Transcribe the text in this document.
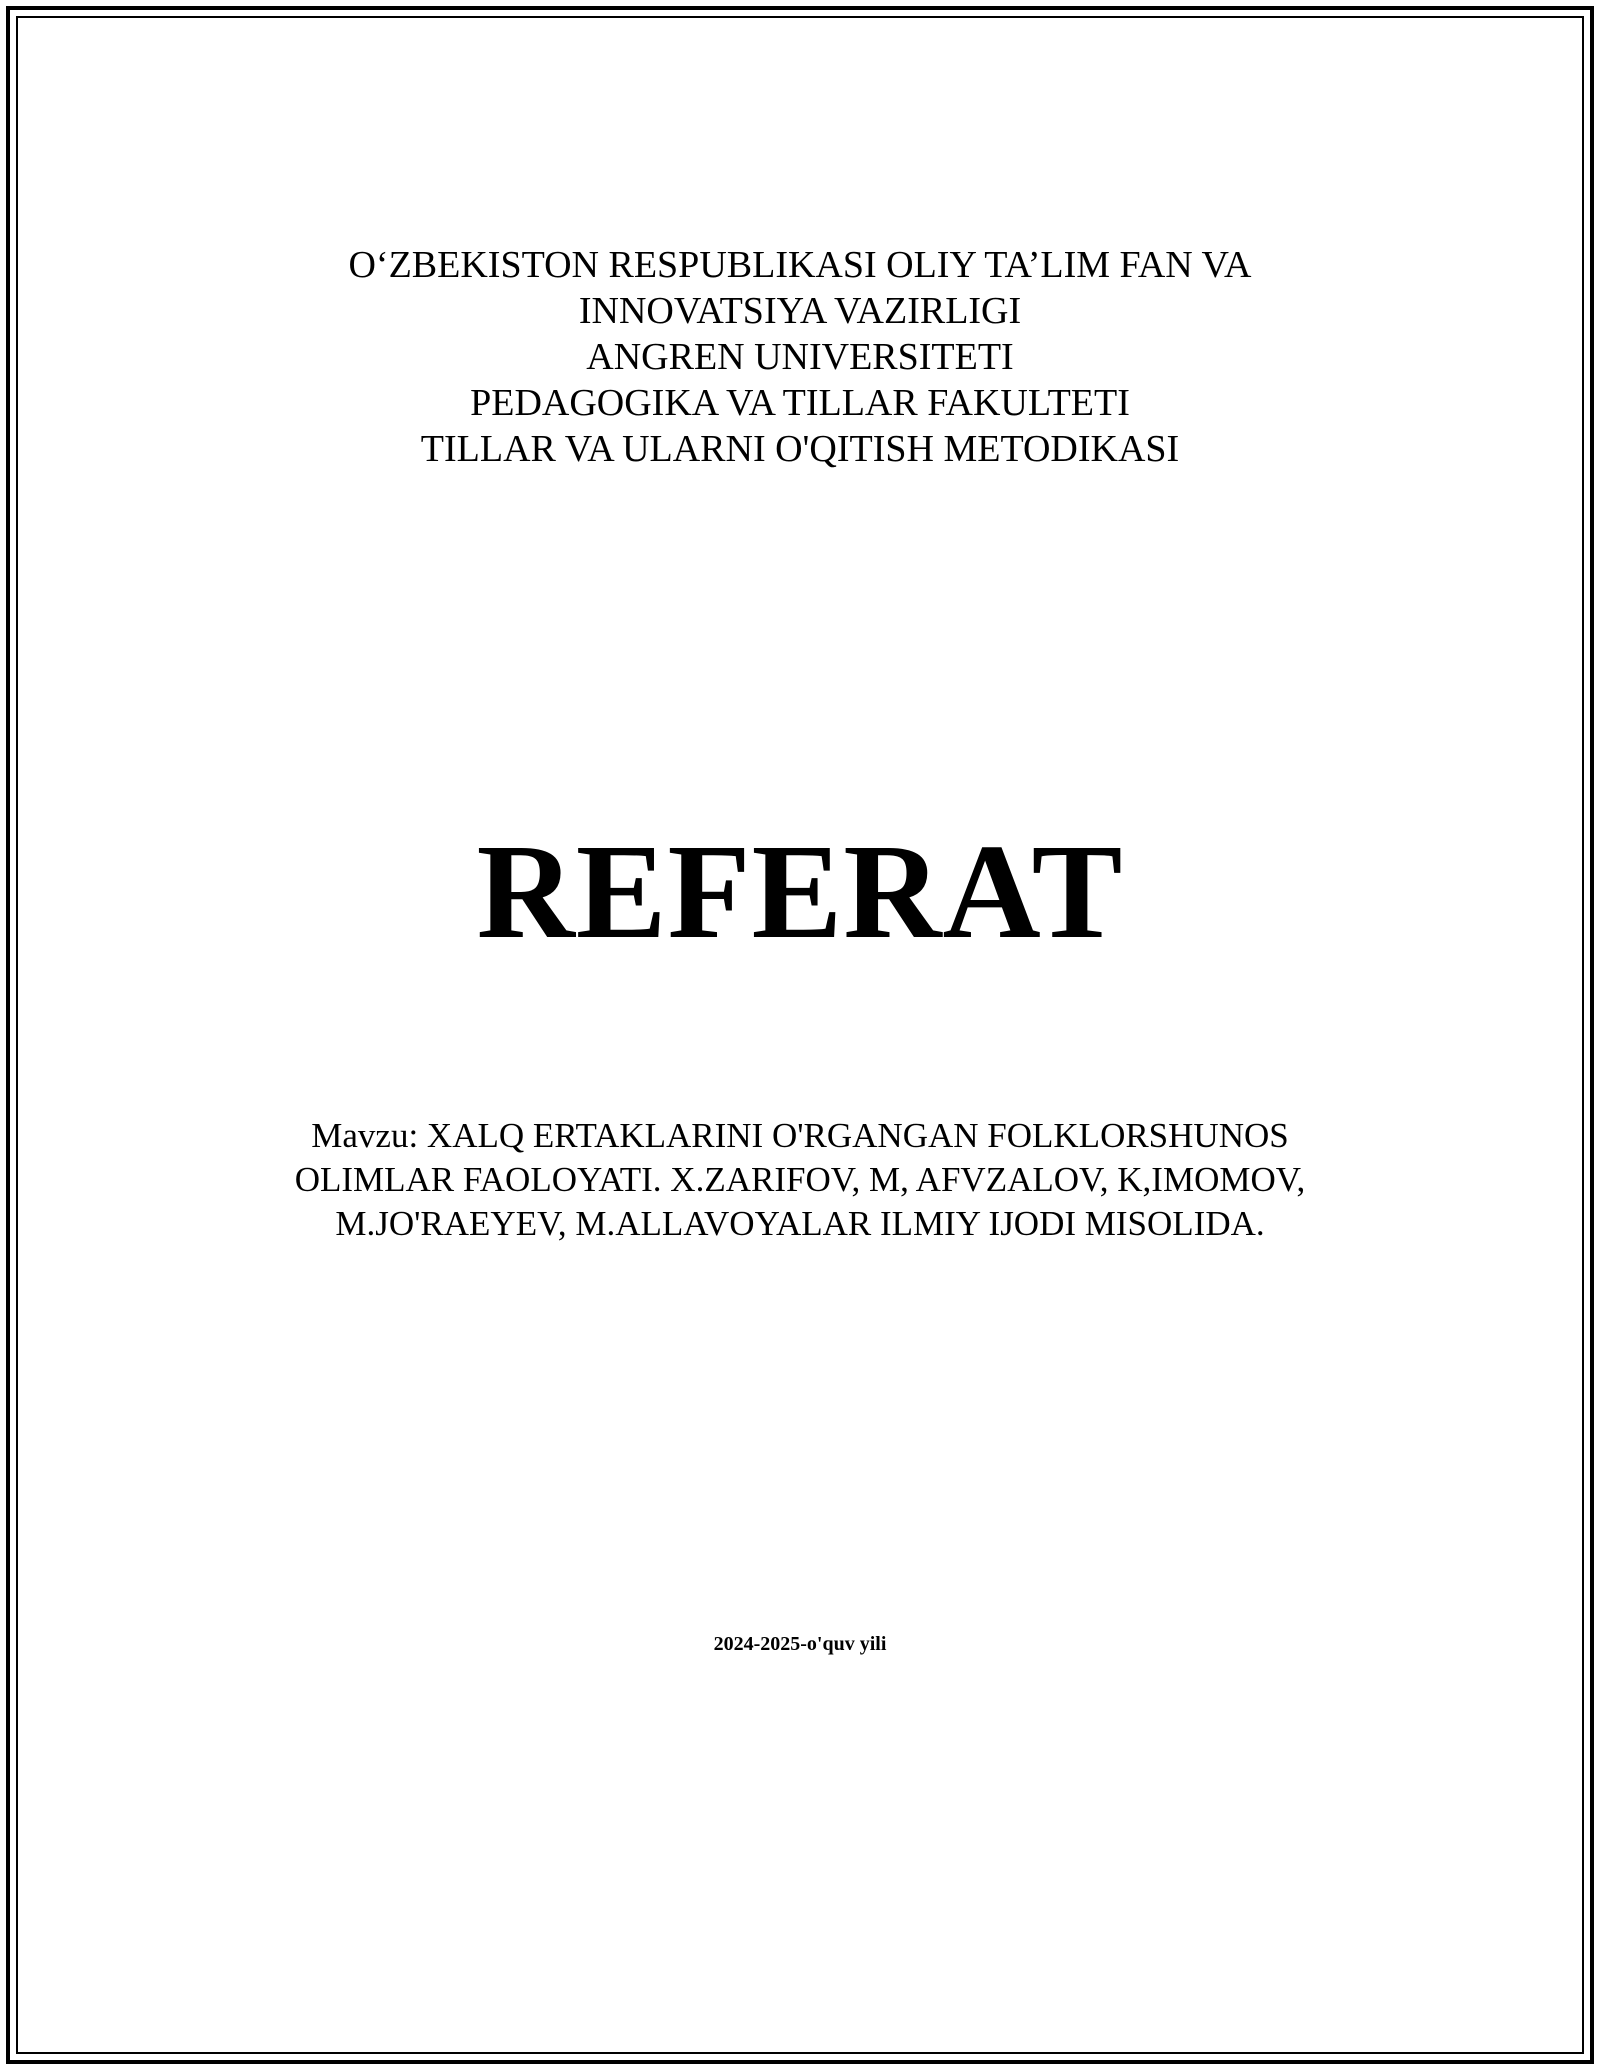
O‘ZBEKISTON RESPUBLIKASI OLIY TA’LIM FAN VA
INNOVATSIYA VAZIRLIGI
ANGREN UNIVERSITETI
PEDAGOGIKA VA TILLAR FAKULTETI
TILLAR VA ULARNI O'QITISH METODIKASI
REFERAT
Mavzu: XALQ ERTAKLARINI O'RGANGAN FOLKLORSHUNOS
OLIMLAR FAOLOYATI. X.ZARIFOV, M, AFVZALOV, K,IMOMOV,
M.JO'RAEYEV, M.ALLAVOYALAR ILMIY IJODI MISOLIDA.
2024-2025-o'quv yili
